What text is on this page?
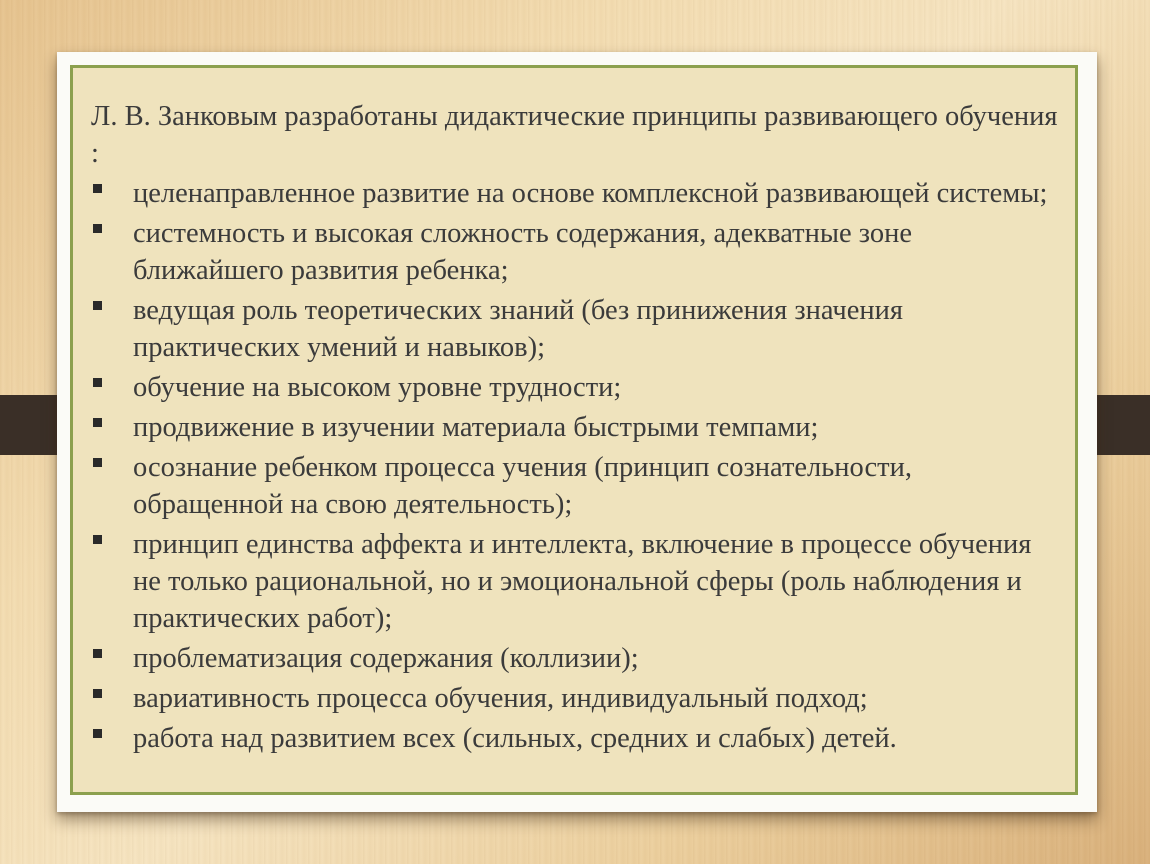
Л. В. Занковым разработаны дидактические принципы развивающего обучения :

целенаправленное развитие на основе комплексной развивающей системы;
системность и высокая сложность содержания, адекватные зоне ближайшего развития ребенка;
ведущая роль теоретических знаний (без принижения значения практических умений и навыков);
обучение на высоком уровне трудности;
продвижение в изучении материала быстрыми темпами;
осознание ребенком процесса учения (принцип сознательности, обращенной на свою деятельность);
принцип единства аффекта и интеллекта, включение в процессе обучения не только рациональной, но и эмоциональной сферы (роль наблюдения и практических работ);
проблематизация содержания (коллизии);
вариативность процесса обучения, индивидуальный подход;
работа над развитием всех (сильных, средних и слабых) детей.
